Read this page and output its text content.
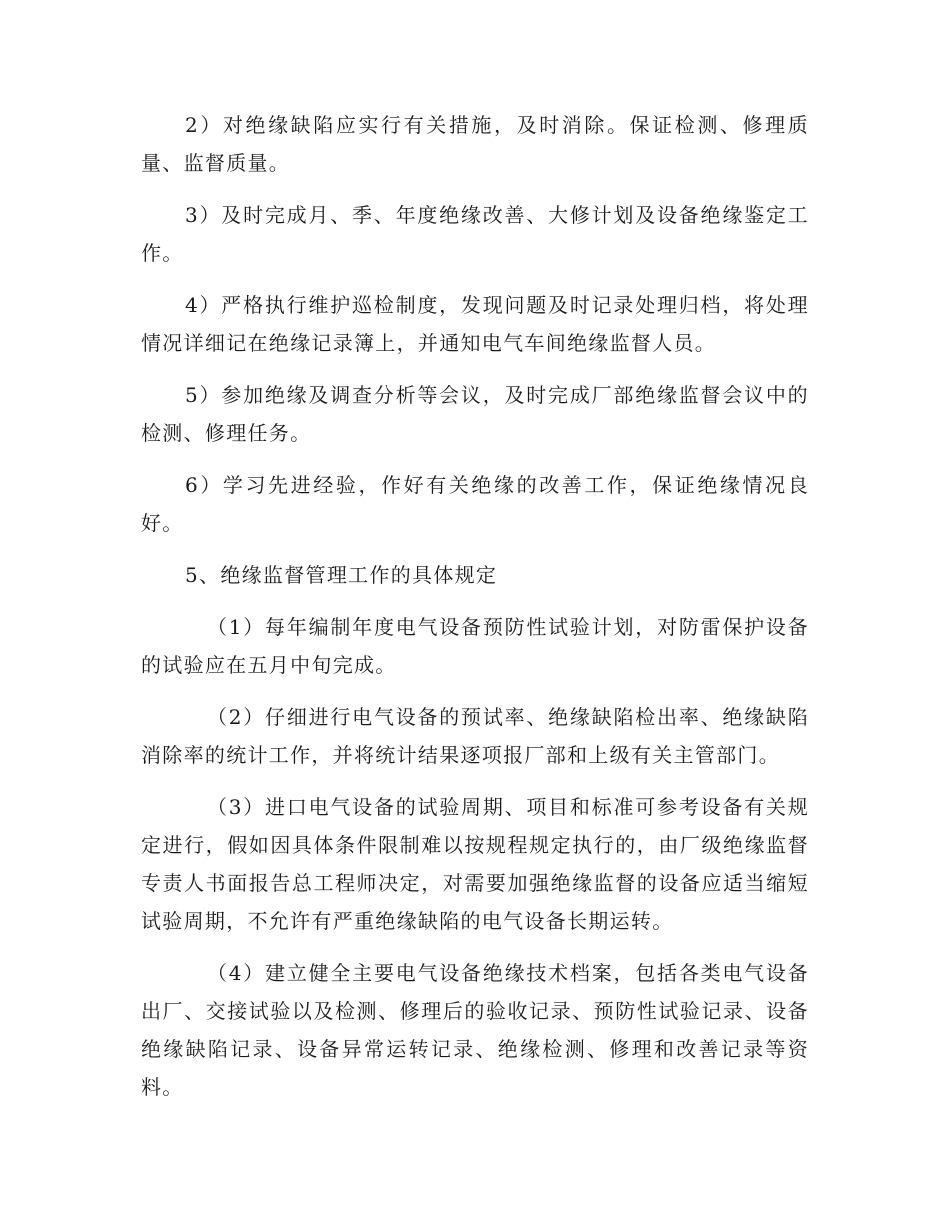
2）对绝缘缺陷应实行有关措施，及时消除。保证检测、修理质量、监督质量。

3）及时完成月、季、年度绝缘改善、大修计划及设备绝缘鉴定工作。

4）严格执行维护巡检制度，发现问题及时记录处理归档，将处理情况详细记在绝缘记录簿上，并通知电气车间绝缘监督人员。

5）参加绝缘及调查分析等会议，及时完成厂部绝缘监督会议中的检测、修理任务。

6）学习先进经验，作好有关绝缘的改善工作，保证绝缘情况良好。

5、绝缘监督管理工作的具体规定

（1）每年编制年度电气设备预防性试验计划，对防雷保护设备的试验应在五月中旬完成。

（2）仔细进行电气设备的预试率、绝缘缺陷检出率、绝缘缺陷消除率的统计工作，并将统计结果逐项报厂部和上级有关主管部门。

（3）进口电气设备的试验周期、项目和标准可参考设备有关规定进行，假如因具体条件限制难以按规程规定执行的，由厂级绝缘监督专责人书面报告总工程师决定，对需要加强绝缘监督的设备应适当缩短试验周期，不允许有严重绝缘缺陷的电气设备长期运转。

（4）建立健全主要电气设备绝缘技术档案，包括各类电气设备出厂、交接试验以及检测、修理后的验收记录、预防性试验记录、设备绝缘缺陷记录、设备异常运转记录、绝缘检测、修理和改善记录等资料。
